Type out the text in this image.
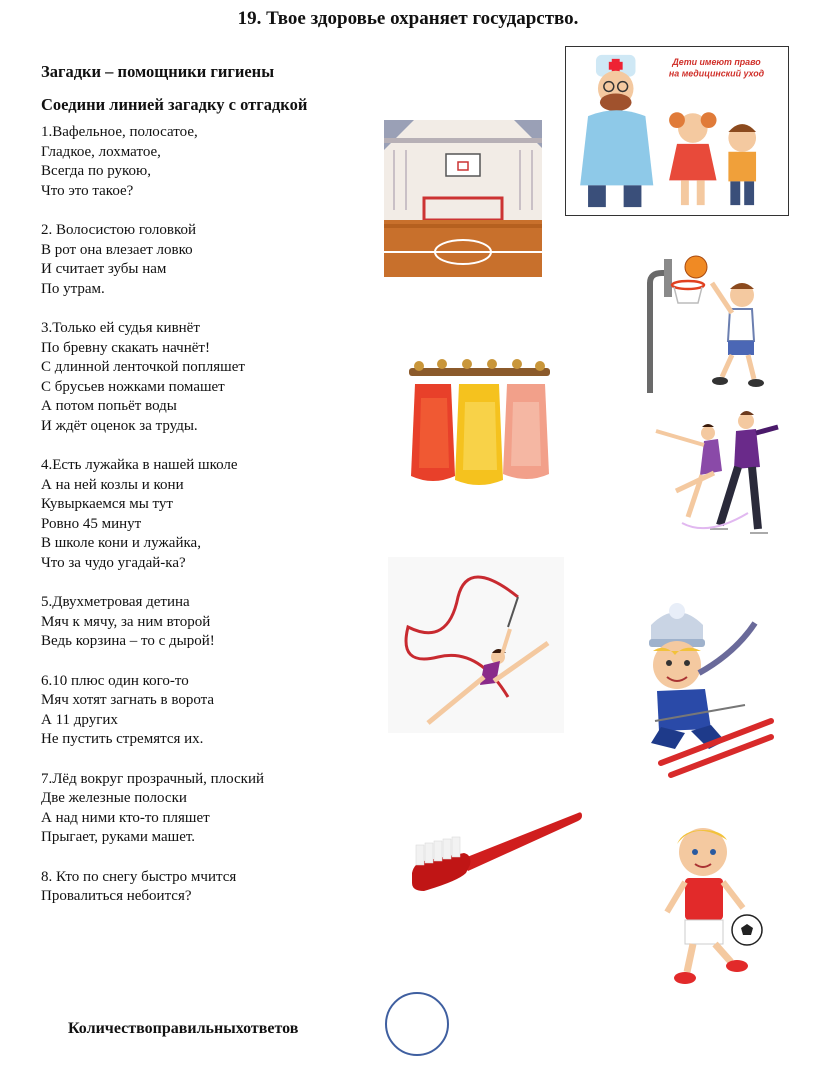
19. Твое здоровье охраняет государство.
Загадки – помощники гигиены
Соедини линией загадку с отгадкой
1.Вафельное, полосатое,
Гладкое, лохматое,
Всегда по рукою,
Что это такое?
2. Волосистою головкой
В рот она влезает ловко
И считает зубы нам
По утрам.
3.Только ей судья кивнёт
По бревну скакать начнёт!
С длинной ленточкой попляшет
С брусьев ножками помашет
А потом попьёт воды
И ждёт оценок за труды.
4.Есть лужайка в нашей школе
А на ней козлы и кони
Кувыркаемся мы тут
Ровно 45 минут
В школе кони и лужайка,
Что за чудо угадай-ка?
5.Двухметровая детина
Мяч к мячу, за ним второй
Ведь корзина – то с дырой!
6.10 плюс один кого-то
Мяч хотят загнать в ворота
А 11 других
Не пустить стремятся их.
7.Лёд вокруг прозрачный, плоский
Две железные полоски
А над ними кто-то пляшет
Прыгает, руками машет.
8. Кто по снегу быстро мчится
Провалиться небоится?
Дети имеют право
на медицинский уход
Количествоправильныхответов
